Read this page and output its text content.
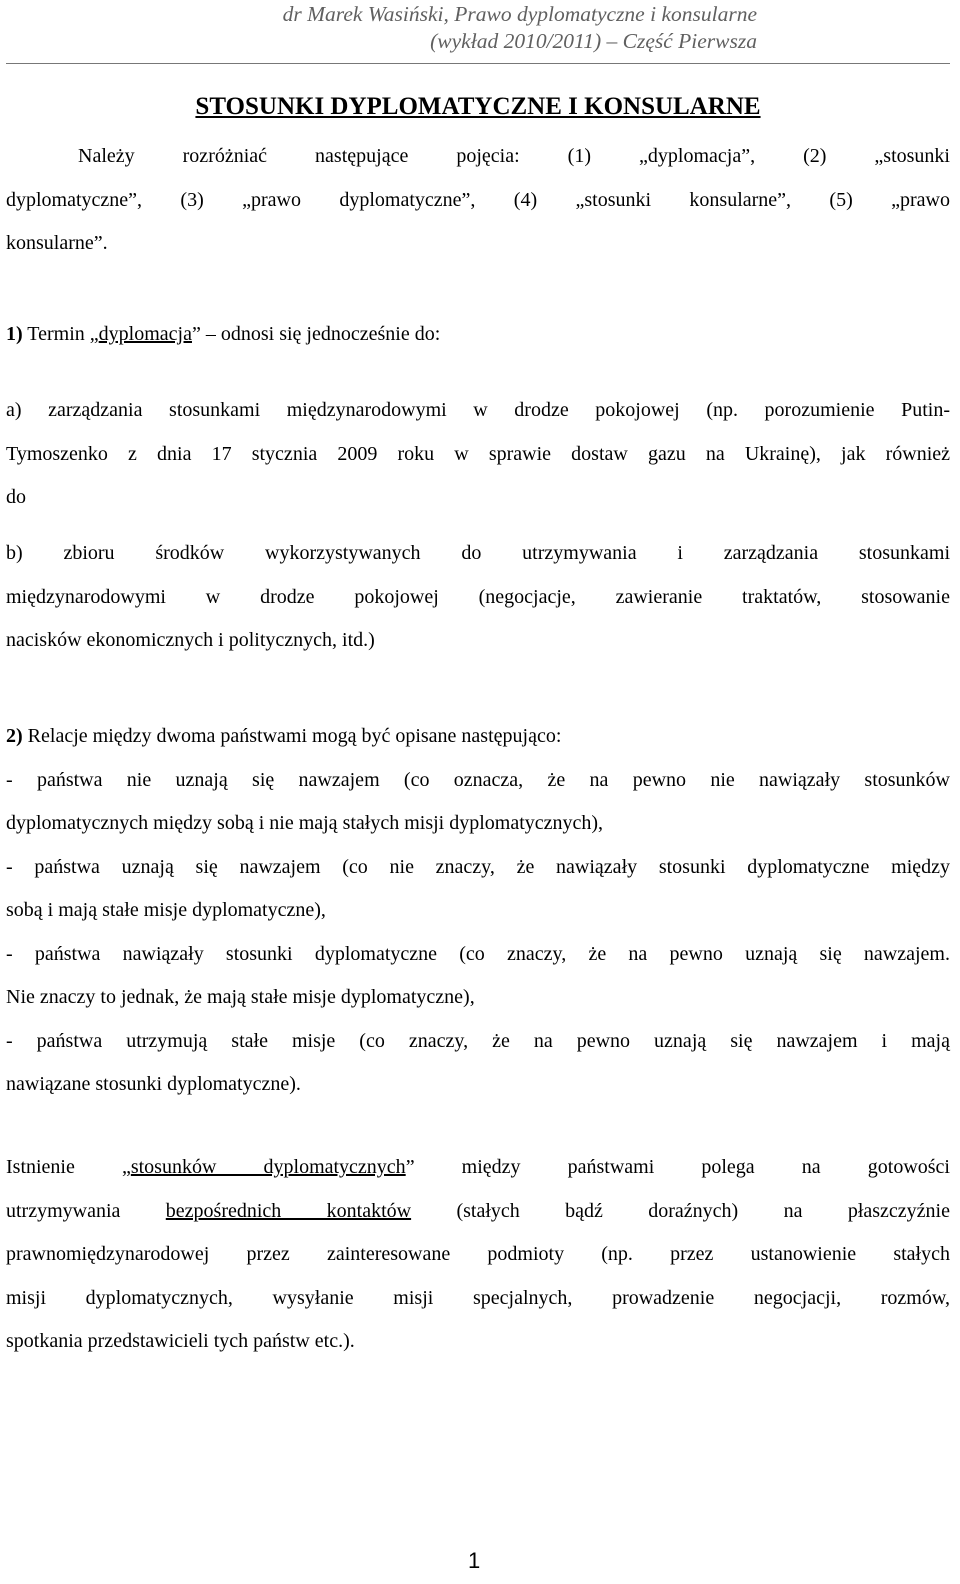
dr Marek Wasiński, Prawo dyplomatyczne i konsularne
(wykład 2010/2011) – Część Pierwsza
STOSUNKI DYPLOMATYCZNE I KONSULARNE
Należy rozróżniać następujące pojęcia: (1) „dyplomacja”, (2) „stosunki
dyplomatyczne”, (3) „prawo dyplomatyczne”, (4) „stosunki konsularne”, (5) „prawo
konsularne”.
1) Termin „dyplomacja” – odnosi się jednocześnie do:
a) zarządzania stosunkami międzynarodowymi w drodze pokojowej (np. porozumienie Putin-
Tymoszenko z dnia 17 stycznia 2009 roku w sprawie dostaw gazu na Ukrainę), jak również
do
b) zbioru środków wykorzystywanych do utrzymywania i zarządzania stosunkami
międzynarodowymi w drodze pokojowej (negocjacje, zawieranie traktatów, stosowanie
nacisków ekonomicznych i politycznych, itd.)
2) Relacje między dwoma państwami mogą być opisane następująco:
- państwa nie uznają się nawzajem (co oznacza, że na pewno nie nawiązały stosunków
dyplomatycznych między sobą i nie mają stałych misji dyplomatycznych),
- państwa uznają się nawzajem (co nie znaczy, że nawiązały stosunki dyplomatyczne między
sobą i mają stałe misje dyplomatyczne),
- państwa nawiązały stosunki dyplomatyczne (co znaczy, że na pewno uznają się nawzajem.
Nie znaczy to jednak, że mają stałe misje dyplomatyczne),
- państwa utrzymują stałe misje (co znaczy, że na pewno uznają się nawzajem i mają
nawiązane stosunki dyplomatyczne).
Istnienie „stosunków dyplomatycznych” między państwami polega na gotowości
utrzymywania bezpośrednich kontaktów (stałych bądź doraźnych) na płaszczyźnie
prawnomiędzynarodowej przez zainteresowane podmioty (np. przez ustanowienie stałych
misji dyplomatycznych, wysyłanie misji specjalnych, prowadzenie negocjacji, rozmów,
spotkania przedstawicieli tych państw etc.).
1
